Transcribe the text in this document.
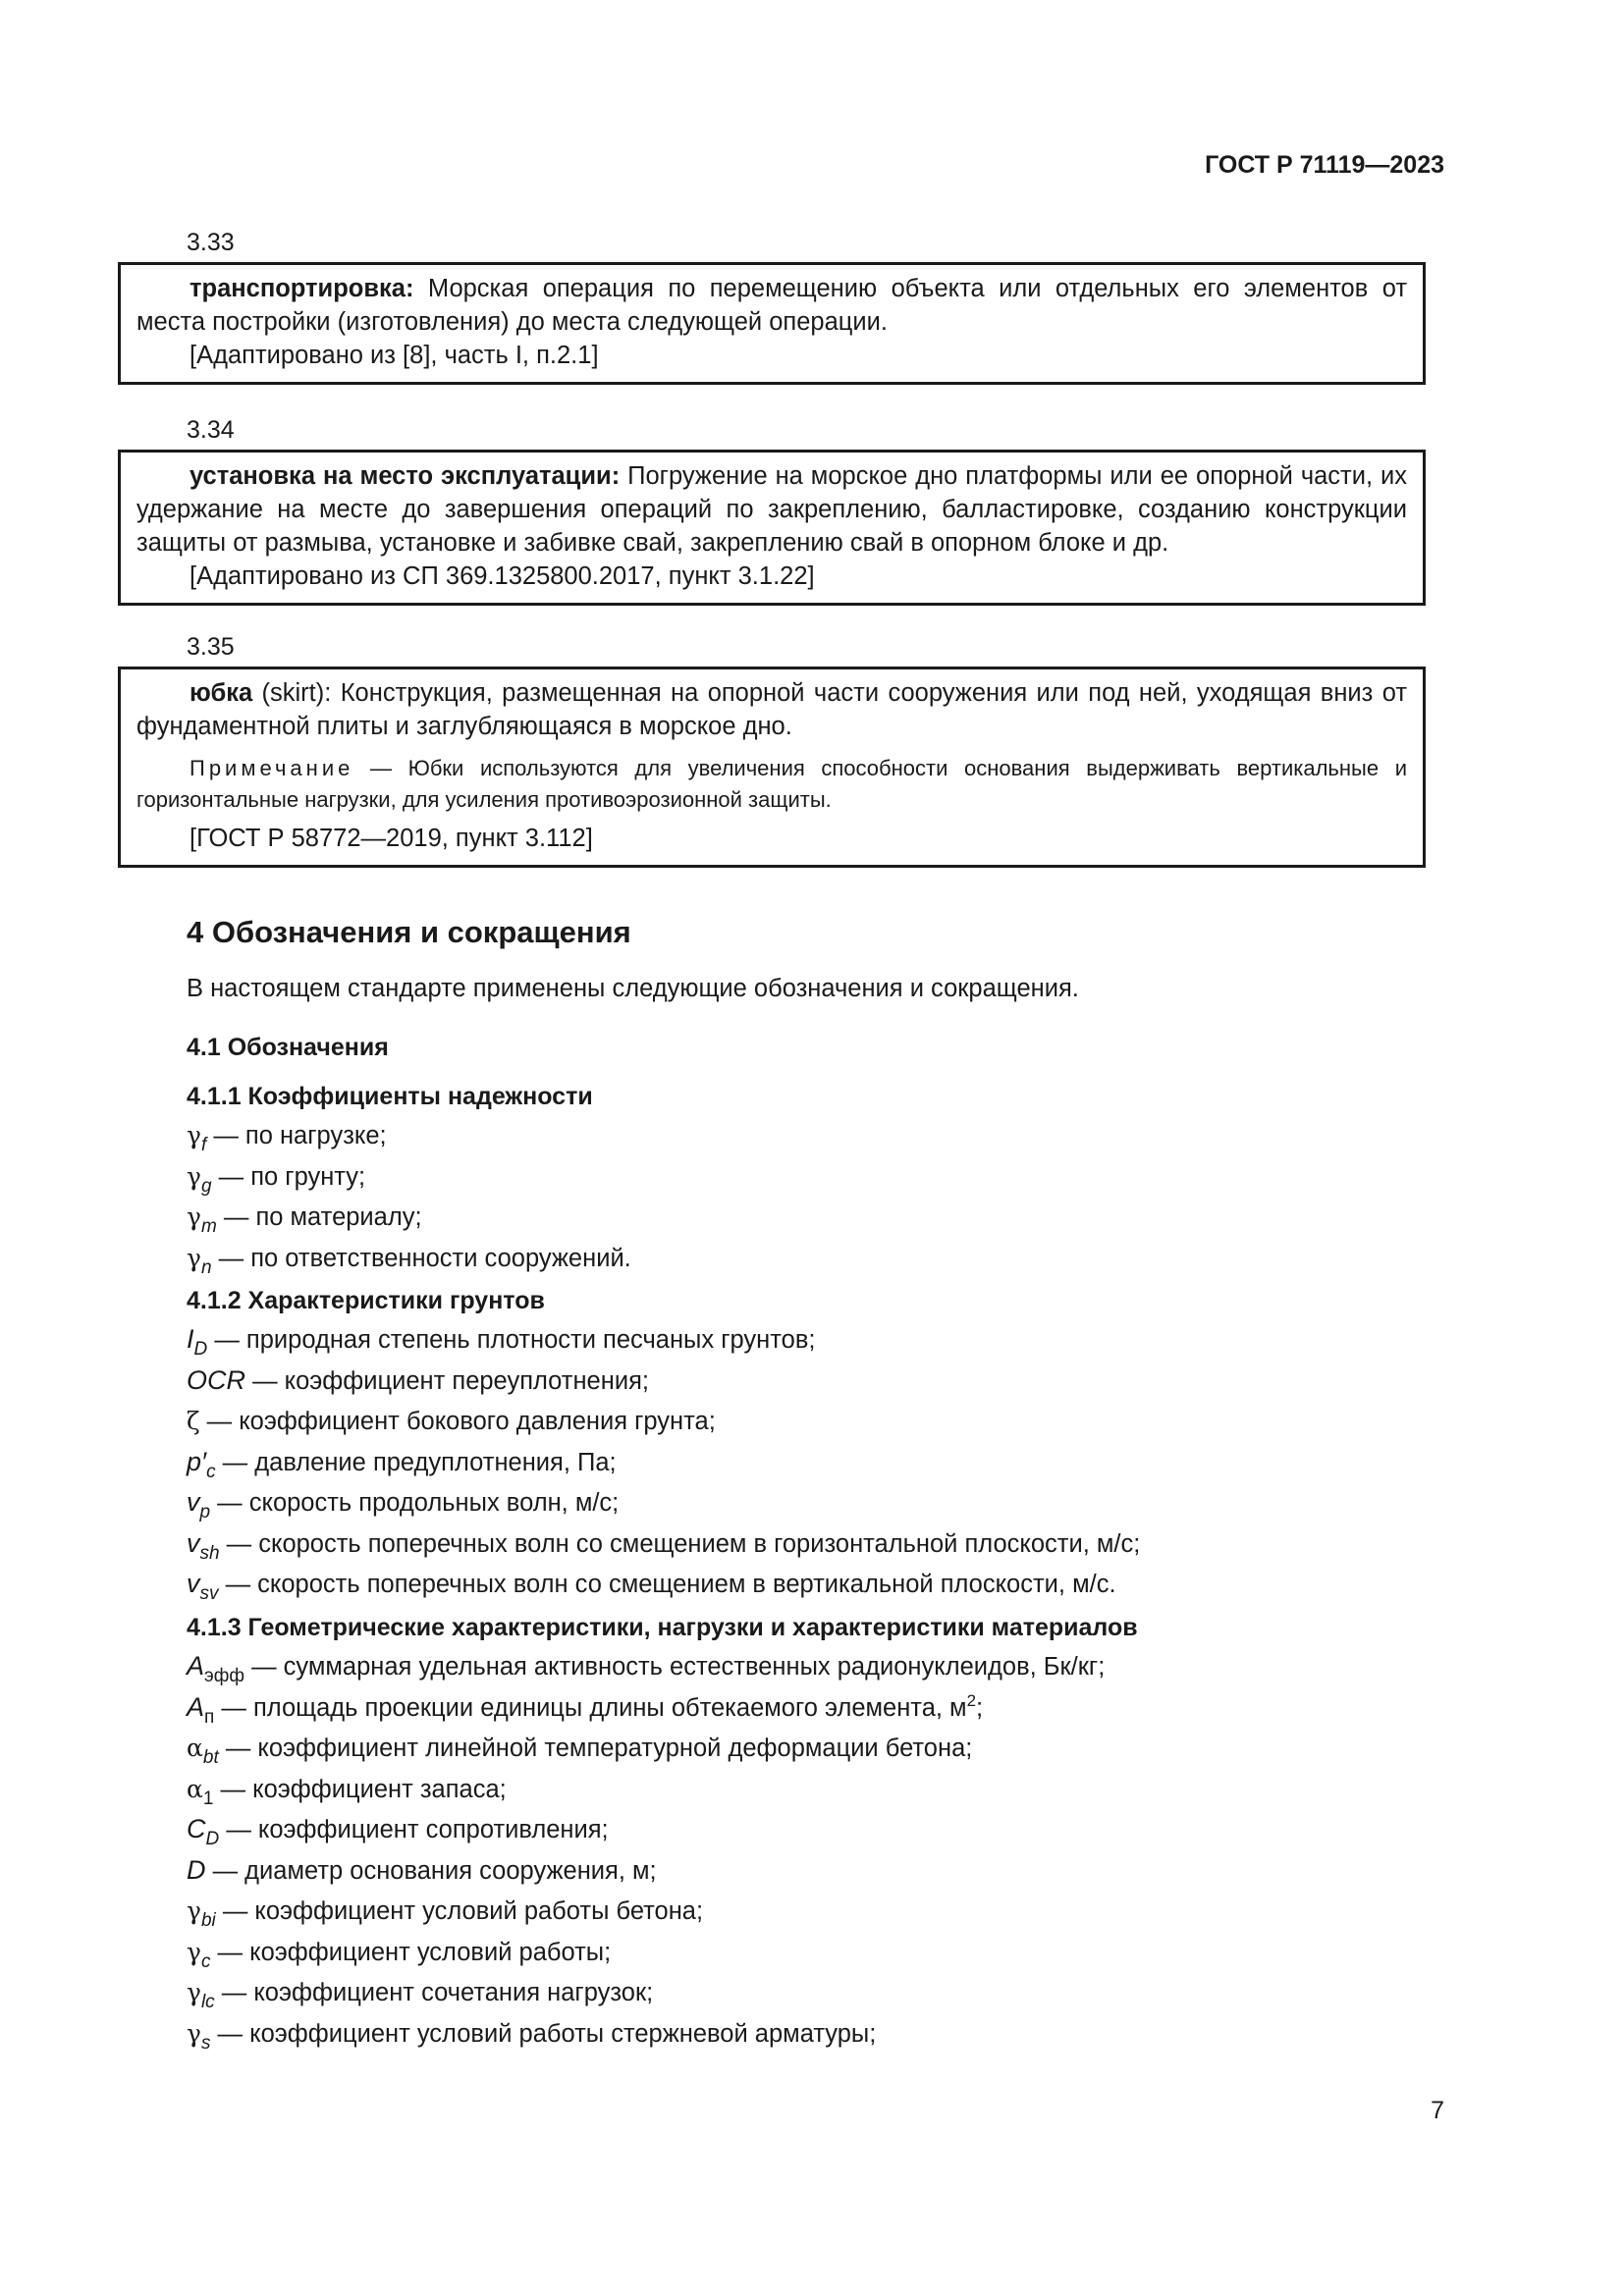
ГОСТ Р 71119—2023
3.33

транспортировка: Морская операция по перемещению объекта или отдельных его элементов от места постройки (изготовления) до места следующей операции.

[Адаптировано из [8], часть I, п.2.1]

3.34

установка на место эксплуатации: Погружение на морское дно платформы или ее опорной части, их удержание на месте до завершения операций по закреплению, балластировке, созданию конструкции защиты от размыва, установке и забивке свай, закреплению свай в опорном блоке и др.

[Адаптировано из СП 369.1325800.2017, пункт 3.1.22]

3.35

юбка (skirt): Конструкция, размещенная на опорной части сооружения или под ней, уходящая вниз от фундаментной плиты и заглубляющаяся в морское дно.

Примечание — Юбки используются для увеличения способности основания выдерживать вертикальные и горизонтальные нагрузки, для усиления противоэрозионной защиты.

[ГОСТ Р 58772—2019, пункт 3.112]

4 Обозначения и сокращения
В настоящем стандарте применены следующие обозначения и сокращения.
4.1 Обозначения
4.1.1 Коэффициенты надежности
$\gamma_f$ — по нагрузке;
$\gamma_g$ — по грунту;
$\gamma_m$ — по материалу;
$\gamma_n$ — по ответственности сооружений.
4.1.2 Характеристики грунтов
$I_D$ — природная степень плотности песчаных грунтов;
OCR — коэффициент переуплотнения;
ζ — коэффициент бокового давления грунта;
$p'_c$ — давление предуплотнения, Па;
$v_p$ — скорость продольных волн, м/с;
$v_{sh}$ — скорость поперечных волн со смещением в горизонтальной плоскости, м/с;
$v_{sv}$ — скорость поперечных волн со смещением в вертикальной плоскости, м/с.
4.1.3 Геометрические характеристики, нагрузки и характеристики материалов
$A_{эфф}$ — суммарная удельная активность естественных радионуклеидов, Бк/кг;
$A_п$ — площадь проекции единицы длины обтекаемого элемента, $м^2$;
$\alpha_{bt}$ — коэффициент линейной температурной деформации бетона;
$\alpha_1$ — коэффициент запаса;
$C_D$ — коэффициент сопротивления;
D — диаметр основания сооружения, м;
$\gamma_{bi}$ — коэффициент условий работы бетона;
$\gamma_c$ — коэффициент условий работы;
$\gamma_{lc}$ — коэффициент сочетания нагрузок;
$\gamma_s$ — коэффициент условий работы стержневой арматуры;
7
